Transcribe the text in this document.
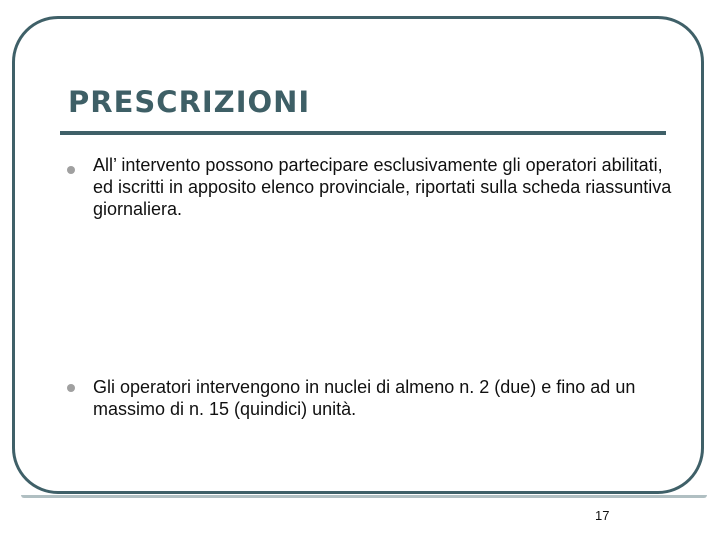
PRESCRIZIONI

All’ intervento possono partecipare esclusivamente gli operatori abilitati, ed iscritti in apposito elenco provinciale, riportati sulla scheda riassuntiva giornaliera.

Gli operatori intervengono in nuclei di almeno n. 2 (due) e fino ad un massimo di n. 15 (quindici) unità.

17
